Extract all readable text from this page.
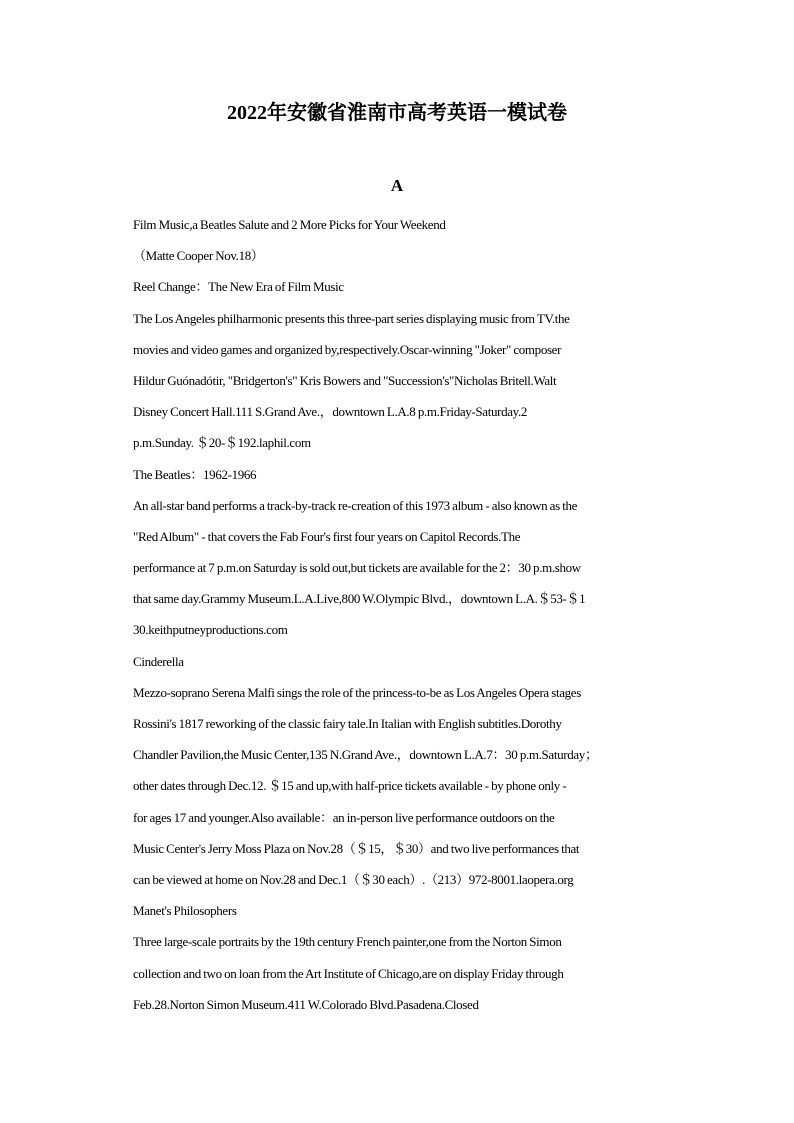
2022年安徽省淮南市高考英语一模试卷
A
Film Music,a Beatles Salute and 2 More Picks for Your Weekend
（Matte Cooper Nov.18）
Reel Change：The New Era of Film Music
The Los Angeles philharmonic presents this three-part series displaying music from TV.the
movies and video games and organized by,respectively.Oscar-winning "Joker" composer
Hildur Guónadótir, "Bridgerton's" Kris Bowers and "Succession's"Nicholas Britell.Walt
Disney Concert Hall.111 S.Grand Ave.，downtown L.A.8 p.m.Friday-Saturday.2
p.m.Sunday. ＄20-＄192.laphil.com
The Beatles：1962-1966
An all-star band performs a track-by-track re-creation of this 1973 album - also known as the
"Red Album" - that covers the Fab Four's first four years on Capitol Records.The
performance at 7 p.m.on Saturday is sold out,but tickets are available for the 2：30 p.m.show
that same day.Grammy Museum.L.A.Live,800 W.Olympic Blvd.，downtown L.A.＄53-＄1
30.keithputneyproductions.com
Cinderella
Mezzo-soprano Serena Malfi sings the role of the princess-to-be as Los Angeles Opera stages
Rossini's 1817 reworking of the classic fairy tale.In Italian with English subtitles.Dorothy
Chandler Pavilion,the Music Center,135 N.Grand Ave.，downtown L.A.7：30 p.m.Saturday；
other dates through Dec.12. ＄15 and up,with half-price tickets available - by phone only -
for ages 17 and younger.Also available：an in-person live performance outdoors on the
Music Center's Jerry Moss Plaza on Nov.28（＄15，＄30）and two live performances that
can be viewed at home on Nov.28 and Dec.1（＄30 each）.（213）972-8001.laopera.org
Manet's Philosophers
Three large-scale portraits by the 19th century French painter,one from the Norton Simon
collection and two on loan from the Art Institute of Chicago,are on display Friday through
Feb.28.Norton Simon Museum.411 W.Colorado Blvd.Pasadena.Closed
